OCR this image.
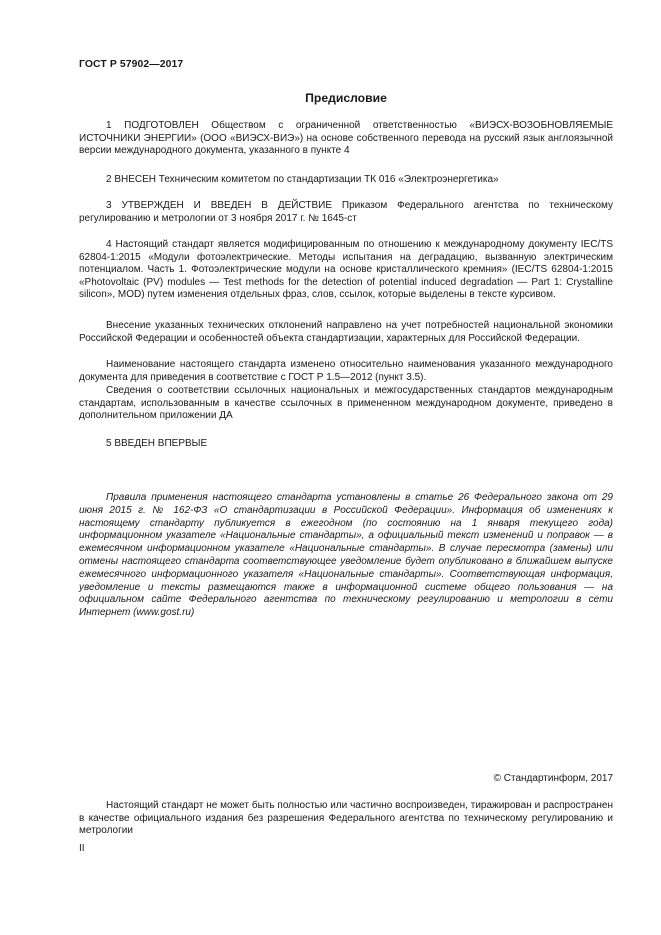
ГОСТ Р 57902—2017
Предисловие

1 ПОДГОТОВЛЕН Обществом с ограниченной ответственностью «ВИЭСХ-ВОЗОБНОВЛЯЕМЫЕ ИСТОЧНИКИ ЭНЕРГИИ» (ООО «ВИЭСХ-ВИЭ») на основе собственного перевода на русский язык англоязычной версии международного документа, указанного в пункте 4

2 ВНЕСЕН Техническим комитетом по стандартизации ТК 016 «Электроэнергетика»

3 УТВЕРЖДЕН И ВВЕДЕН В ДЕЙСТВИЕ Приказом Федерального агентства по техническому регулированию и метрологии от 3 ноября 2017 г. № 1645-ст

4 Настоящий стандарт является модифицированным по отношению к международному документу IEC/TS 62804-1:2015 «Модули фотоэлектрические. Методы испытания на деградацию, вызванную электрическим потенциалом. Часть 1. Фотоэлектрические модули на основе кристаллического кремния» (IEC/TS 62804-1:2015 «Photovoltaic (PV) modules — Test methods for the detection of potential induced degradation — Part 1: Crystalline silicon», MOD) путем изменения отдельных фраз, слов, ссылок, которые выделены в тексте курсивом.

Внесение указанных технических отклонений направлено на учет потребностей национальной экономики Российской Федерации и особенностей объекта стандартизации, характерных для Российской Федерации.

Наименование настоящего стандарта изменено относительно наименования указанного международного документа для приведения в соответствие с ГОСТ Р 1.5—2012 (пункт 3.5).

Сведения о соответствии ссылочных национальных и межгосударственных стандартов международным стандартам, использованным в качестве ссылочных в примененном международном документе, приведено в дополнительном приложении ДА

5 ВВЕДЕН ВПЕРВЫЕ

Правила применения настоящего стандарта установлены в статье 26 Федерального закона от 29 июня 2015 г. № 162-ФЗ «О стандартизации в Российской Федерации». Информация об изменениях к настоящему стандарту публикуется в ежегодном (по состоянию на 1 января текущего года) информационном указателе «Национальные стандарты», а официальный текст изменений и поправок — в ежемесячном информационном указателе «Национальные стандарты». В случае пересмотра (замены) или отмены настоящего стандарта соответствующее уведомление будет опубликовано в ближайшем выпуске ежемесячного информационного указателя «Национальные стандарты». Соответствующая информация, уведомление и тексты размещаются также в информационной системе общего пользования — на официальном сайте Федерального агентства по техническому регулированию и метрологии в сети Интернет (www.gost.ru)

© Стандартинформ, 2017

Настоящий стандарт не может быть полностью или частично воспроизведен, тиражирован и распространен в качестве официального издания без разрешения Федерального агентства по техническому регулированию и метрологии

II
